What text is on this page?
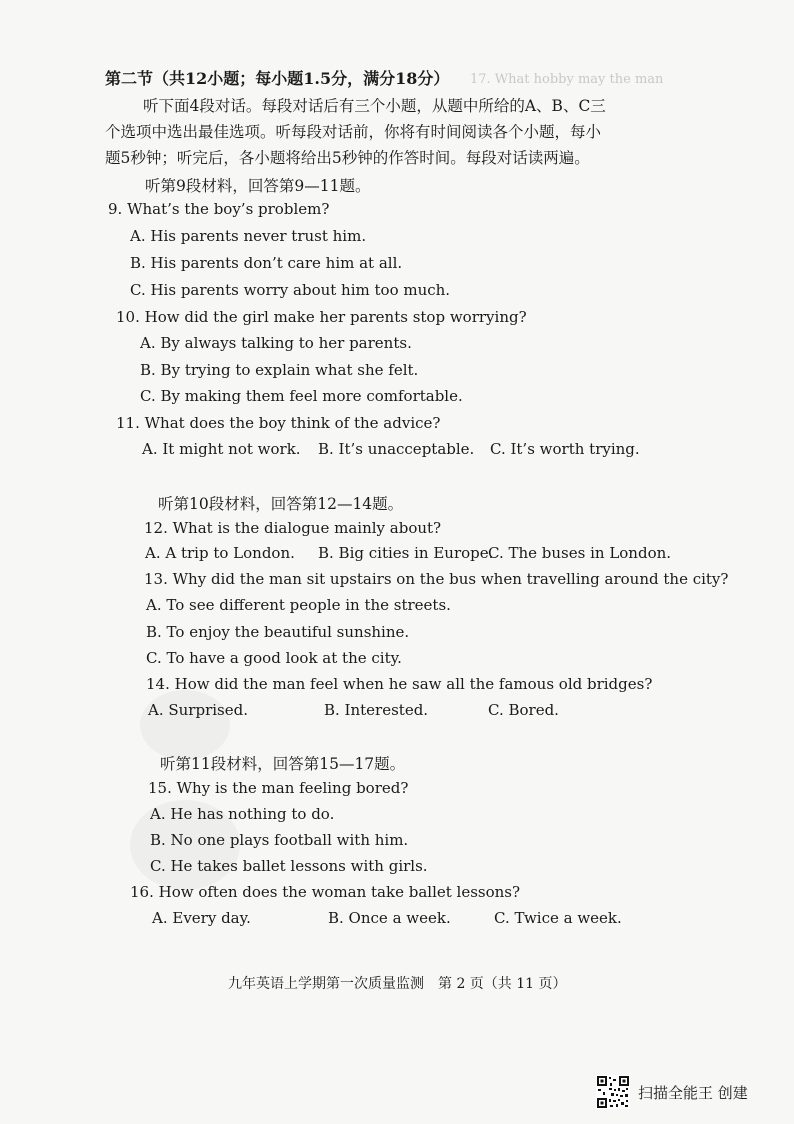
17. What hobby may the man
第二节（共12小题；每小题1.5分，满分18分）
听下面4段对话。每段对话后有三个小题，从题中所给的A、B、C三
个选项中选出最佳选项。听每段对话前，你将有时间阅读各个小题，每小
题5秒钟；听完后，各小题将给出5秒钟的作答时间。每段对话读两遍。
听第9段材料，回答第9—11题。
9. What’s the boy’s problem?
A. His parents never trust him.
B. His parents don’t care him at all.
C. His parents worry about him too much.
10. How did the girl make her parents stop worrying?
A. By always talking to her parents.
B. By trying to explain what she felt.
C. By making them feel more comfortable.
11. What does the boy think of the advice?
A. It might not work. B. It’s unacceptable. C. It’s worth trying.
听第10段材料，回答第12—14题。
12. What is the dialogue mainly about?
A. A trip to London. B. Big cities in Europe.
C. The buses in London.
13. Why did the man sit upstairs on the bus when travelling around the city?
A. To see different people in the streets.
B. To enjoy the beautiful sunshine.
C. To have a good look at the city.
14. How did the man feel when he saw all the famous old bridges?
A. Surprised.	B. Interested.	C. Bored.
听第11段材料，回答第15—17题。
15. Why is the man feeling bored?
A. He has nothing to do.
B. No one plays football with him.
C. He takes ballet lessons with girls.
16. How often does the woman take ballet lessons?
A. Every day.	B. Once a week.	C. Twice a week.
九年英语上学期第一次质量监测　第 2 页（共 11 页）
扫描全能王 创建
